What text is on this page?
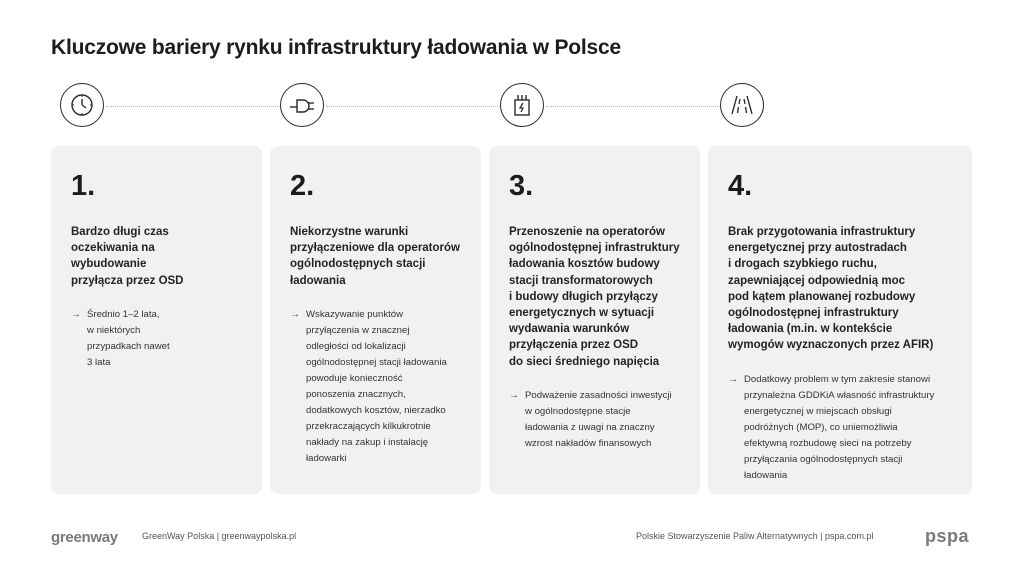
Kluczowe bariery rynku infrastruktury ładowania w Polsce
1.
Bardzo długi czas
oczekiwania na
wybudowanie
przyłącza przez OSD
→ Średnio 1–2 lata,
w niektórych
przypadkach nawet
3 lata
2.
Niekorzystne warunki
przyłączeniowe dla operatorów
ogólnodostępnych stacji
ładowania
→ Wskazywanie punktów
przyłączenia w znacznej
odległości od lokalizacji
ogólnodostępnej stacji ładowania
powoduje konieczność
ponoszenia znacznych,
dodatkowych kosztów, nierzadko
przekraczających kilkukrotnie
nakłady na zakup i instalację
ładowarki
3.
Przenoszenie na operatorów
ogólnodostępnej infrastruktury
ładowania kosztów budowy
stacji transformatorowych
i budowy długich przyłączy
energetycznych w sytuacji
wydawania warunków
przyłączenia przez OSD
do sieci średniego napięcia
→ Podważenie zasadności inwestycji
w ogólnodostępne stacje
ładowania z uwagi na znaczny
wzrost nakładów finansowych
4.
Brak przygotowania infrastruktury
energetycznej przy autostradach
i drogach szybkiego ruchu,
zapewniającej odpowiednią moc
pod kątem planowanej rozbudowy
ogólnodostępnej infrastruktury
ładowania (m.in. w kontekście
wymogów wyznaczonych przez AFIR)
→ Dodatkowy problem w tym zakresie stanowi
przynależna GDDKiA własność infrastruktury
energetycznej w miejscach obsługi
podróżnych (MOP), co uniemożliwia
efektywną rozbudowę sieci na potrzeby
przyłączania ogólnodostępnych stacji
ładowania
greenway	GreenWay Polska | greenwaypolska.pl	Polskie Stowarzyszenie Paliw Alternatywnych | pspa.com.pl	pspa
